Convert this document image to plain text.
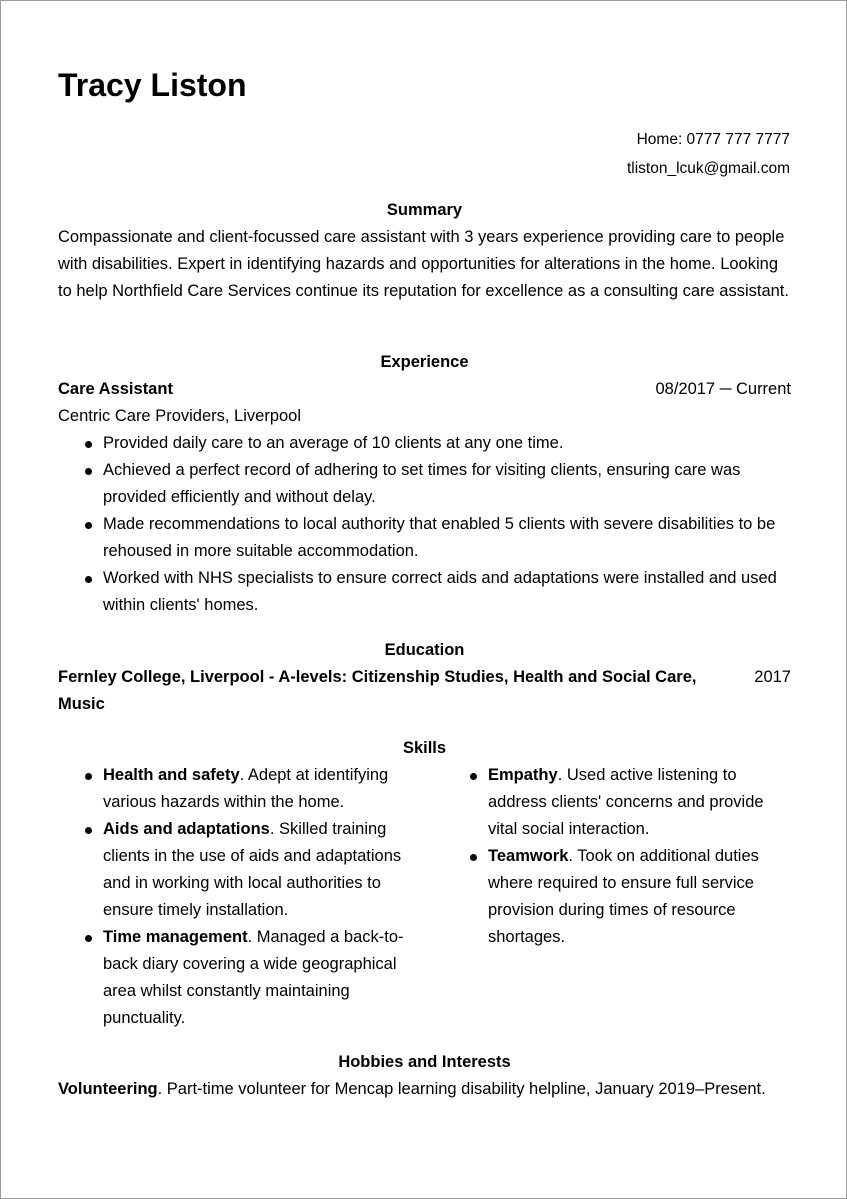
Tracy Liston
Home: 0777 777 7777
tliston_lcuk@gmail.com
Summary

Compassionate and client-focussed care assistant with 3 years experience providing care to people with disabilities. Expert in identifying hazards and opportunities for alterations in the home. Looking to help Northfield Care Services continue its reputation for excellence as a consulting care assistant.

Experience
Care Assistant	08/2017 ─ Current
Centric Care Providers, Liverpool
Provided daily care to an average of 10 clients at any one time.
Achieved a perfect record of adhering to set times for visiting clients, ensuring care was provided efficiently and without delay.
Made recommendations to local authority that enabled 5 clients with severe disabilities to be rehoused in more suitable accommodation.
Worked with NHS specialists to ensure correct aids and adaptations were installed and used within clients' homes.
Education
Fernley College, Liverpool - A-levels: Citizenship Studies, Health and Social Care, Music
2017
Skills
Health and safety. Adept at identifying various hazards within the home.
Aids and adaptations. Skilled training clients in the use of aids and adaptations and in working with local authorities to ensure timely installation.
Time management. Managed a back-to-back diary covering a wide geographical area whilst constantly maintaining punctuality.
Empathy. Used active listening to address clients' concerns and provide vital social interaction.
Teamwork. Took on additional duties where required to ensure full service provision during times of resource shortages.
Hobbies and Interests

Volunteering. Part-time volunteer for Mencap learning disability helpline, January 2019–Present.
